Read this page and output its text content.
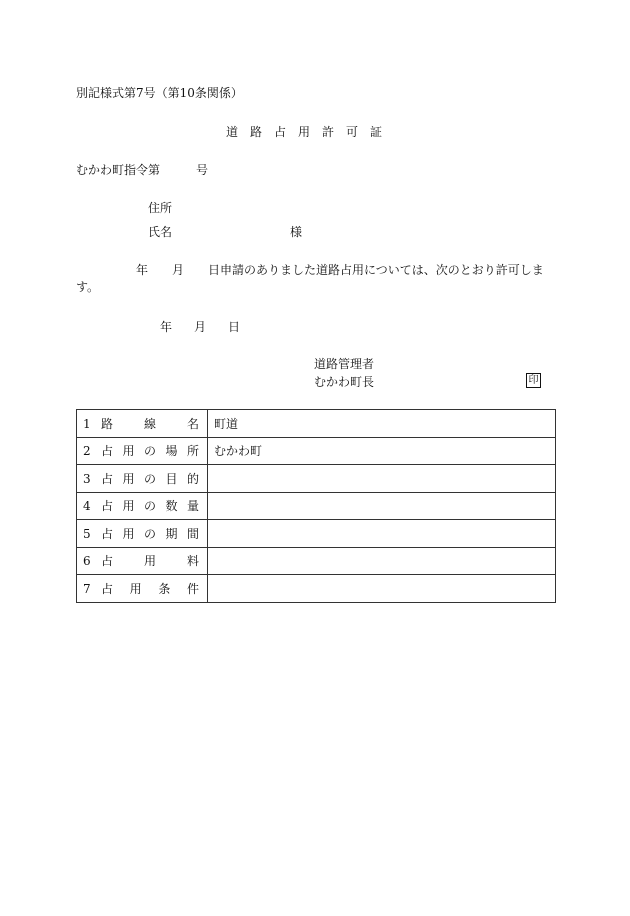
別記様式第7号（第10条関係）
道　路　占　用　許　可　証
むかわ町指令第	号
住所
氏名	様
年 月 日申請のありました道路占用については、次のとおり許可します。
年 月 日
道路管理者
むかわ町長	印
1 路線名	町道
2 占用の場所	むかわ町
3 占用の目的	
4 占用の数量	
5 占用の期間	
6 占用料	
7 占用条件	
